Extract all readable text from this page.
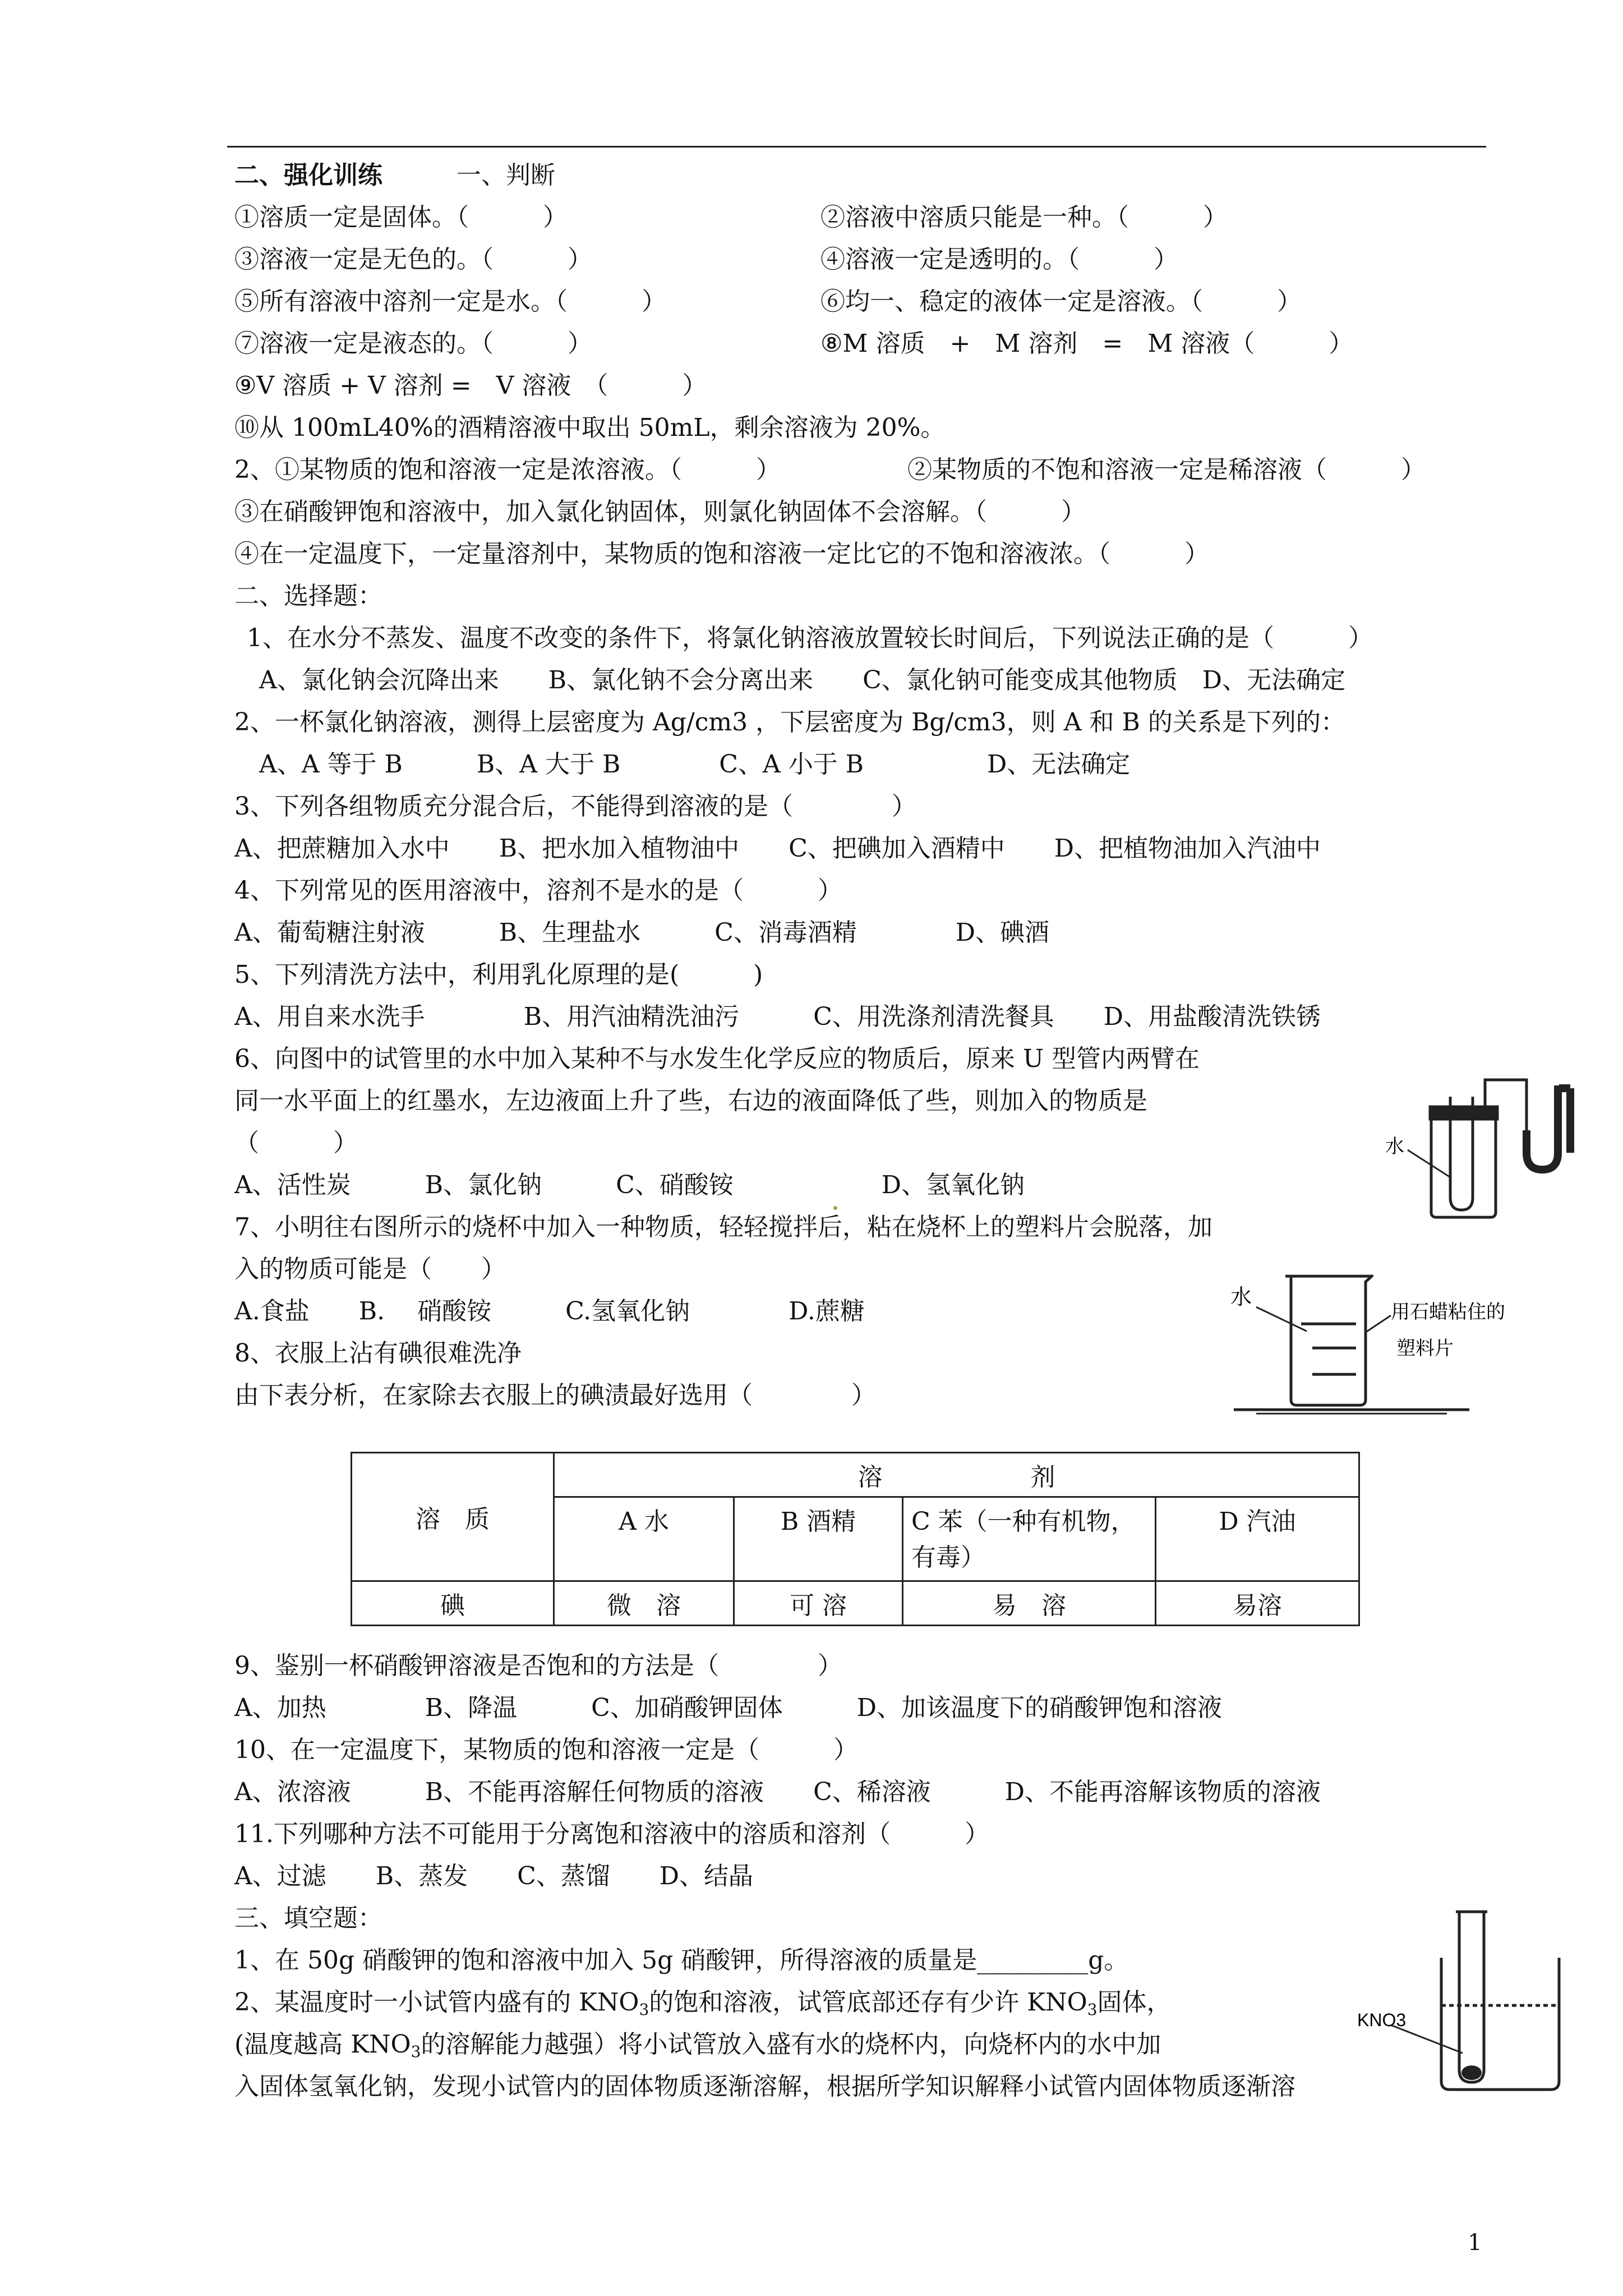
二、强化训练　　　	一、判断
①溶质一定是固体。（　　　）	②溶液中溶质只能是一种。（　　　）
③溶液一定是无色的。（　　　）	④溶液一定是透明的。（　　　）
⑤所有溶液中溶剂一定是水。（　　　）	⑥均一、稳定的液体一定是溶液。（　　　）
⑦溶液一定是液态的。（　　　）	⑧M 溶质　+　M 溶剂　=　M 溶液（　　　）
⑨V 溶质 + V 溶剂 =　V 溶液　（　　　）
⑩从 100mL40%的酒精溶液中取出 50mL，剩余溶液为 20%。
2、①某物质的饱和溶液一定是浓溶液。（　　　）	②某物质的不饱和溶液一定是稀溶液（　　　）
③在硝酸钾饱和溶液中，加入氯化钠固体，则氯化钠固体不会溶解。（　　　）
④在一定温度下，一定量溶剂中，某物质的饱和溶液一定比它的不饱和溶液浓。（　　　）
二、选择题：
1、在水分不蒸发、温度不改变的条件下，将氯化钠溶液放置较长时间后，下列说法正确的是（　　　）
A、氯化钠会沉降出来　　B、氯化钠不会分离出来　　C、氯化钠可能变成其他物质　D、无法确定
2、一杯氯化钠溶液，测得上层密度为 Ag/cm3 ，下层密度为 Bg/cm3，则 A 和 B 的关系是下列的：
A、A 等于 B　　　B、A 大于 B　　　　C、A 小于 B　　　　　D、无法确定
3、下列各组物质充分混合后，不能得到溶液的是（　　　　）
A、把蔗糖加入水中　　B、把水加入植物油中　　C、把碘加入酒精中　　D、把植物油加入汽油中
4、下列常见的医用溶液中，溶剂不是水的是（　　　）
A、葡萄糖注射液　　　B、生理盐水　　　C、消毒酒精　　　　D、碘酒
5、下列清洗方法中，利用乳化原理的是(　　　)
A、用自来水洗手　　　　B、用汽油精洗油污　　　C、用洗涤剂清洗餐具　　D、用盐酸清洗铁锈
6、向图中的试管里的水中加入某种不与水发生化学反应的物质后，原来 U 型管内两臂在
同一水平面上的红墨水，左边液面上升了些，右边的液面降低了些，则加入的物质是
（　　　）
A、活性炭　　　B、氯化钠　　　C、硝酸铵　　　　　　D、氢氧化钠
7、小明往右图所示的烧杯中加入一种物质，轻轻搅拌后，粘在烧杯上的塑料片会脱落，加
入的物质可能是（　　）
A.食盐　　B.　 硝酸铵　　　C.氢氧化钠　　　　D.蔗糖
8、衣服上沾有碘很难洗净
由下表分析，在家除去衣服上的碘渍最好选用（　　　　）
溶　质	溶　　　　　　剂			
	A 水	B 酒精	C 苯（一种有机物，有毒）	D 汽油
碘	微　溶	可 溶	易　溶	易溶
9、鉴别一杯硝酸钾溶液是否饱和的方法是（　　　　）
A、加热　　　　B、降温　　　C、加硝酸钾固体　　　D、加该温度下的硝酸钾饱和溶液
10、在一定温度下，某物质的饱和溶液一定是（　　　）
A、浓溶液　　　B、不能再溶解任何物质的溶液　　C、稀溶液　　　D、不能再溶解该物质的溶液
11.下列哪种方法不可能用于分离饱和溶液中的溶质和溶剂（　　　）
A、过滤　　B、蒸发　　C、蒸馏　　D、结晶
三、填空题：
1、在 50g 硝酸钾的饱和溶液中加入 5g 硝酸钾，所得溶液的质量是_________g。
2、某温度时一小试管内盛有的 $KNO_3$的饱和溶液，试管底部还存有少许 $KNO_3$固体，
(温度越高 $KNO_3$的溶解能力越强）将小试管放入盛有水的烧杯内，向烧杯内的水中加
入固体氢氧化钠，发现小试管内的固体物质逐渐溶解，根据所学知识解释小试管内固体物质逐渐溶
1
水
水
用石蜡粘住的
塑料片
KNO3
